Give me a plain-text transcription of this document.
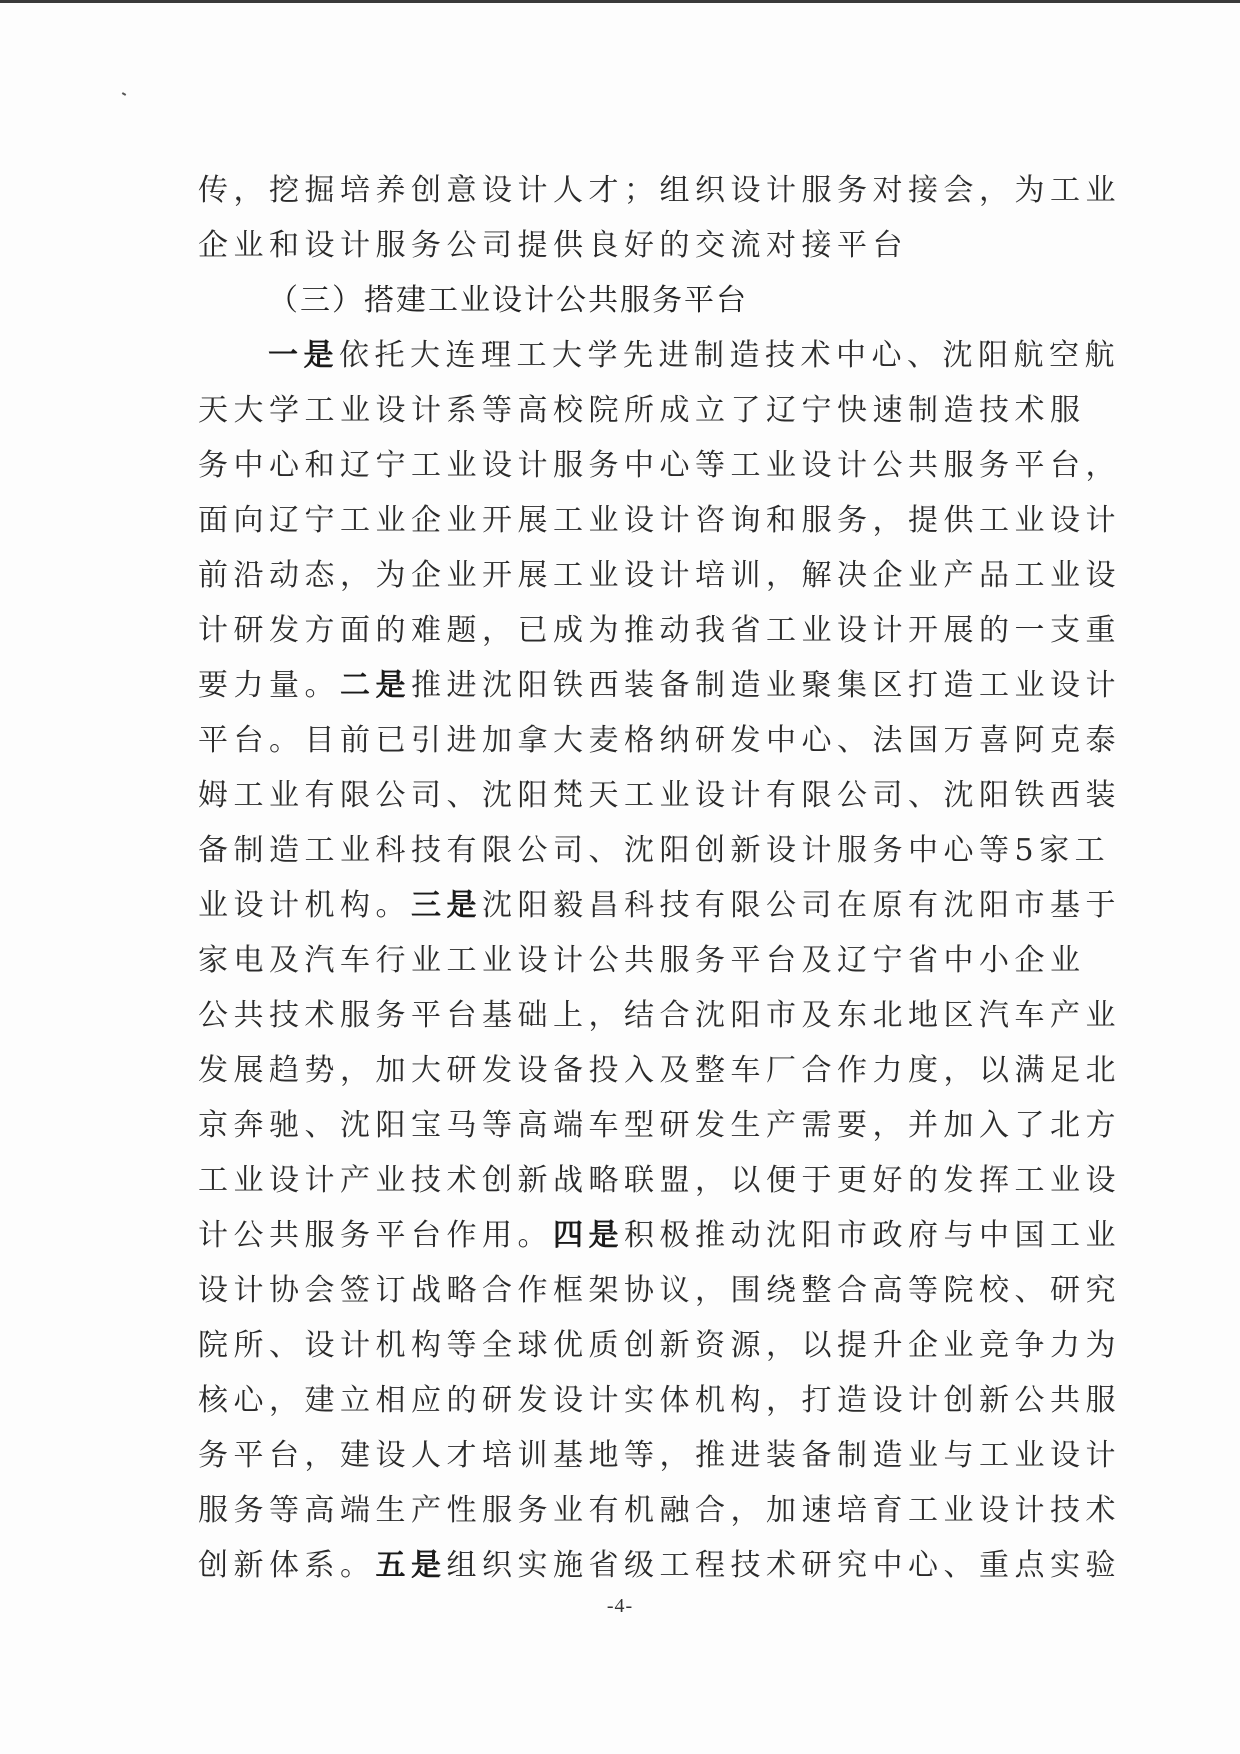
传，挖掘培养创意设计人才；组织设计服务对接会，为工业
企业和设计服务公司提供良好的交流对接平台
（三）搭建工业设计公共服务平台
一是依托大连理工大学先进制造技术中心、沈阳航空航
天大学工业设计系等高校院所成立了辽宁快速制造技术服
务中心和辽宁工业设计服务中心等工业设计公共服务平台，
面向辽宁工业企业开展工业设计咨询和服务，提供工业设计
前沿动态，为企业开展工业设计培训，解决企业产品工业设
计研发方面的难题，已成为推动我省工业设计开展的一支重
要力量。二是推进沈阳铁西装备制造业聚集区打造工业设计
平台。目前已引进加拿大麦格纳研发中心、法国万喜阿克泰
姆工业有限公司、沈阳梵天工业设计有限公司、沈阳铁西装
备制造工业科技有限公司、沈阳创新设计服务中心等5家工
业设计机构。三是沈阳毅昌科技有限公司在原有沈阳市基于
家电及汽车行业工业设计公共服务平台及辽宁省中小企业
公共技术服务平台基础上，结合沈阳市及东北地区汽车产业
发展趋势，加大研发设备投入及整车厂合作力度，以满足北
京奔驰、沈阳宝马等高端车型研发生产需要，并加入了北方
工业设计产业技术创新战略联盟，以便于更好的发挥工业设
计公共服务平台作用。四是积极推动沈阳市政府与中国工业
设计协会签订战略合作框架协议，围绕整合高等院校、研究
院所、设计机构等全球优质创新资源，以提升企业竞争力为
核心，建立相应的研发设计实体机构，打造设计创新公共服
务平台，建设人才培训基地等，推进装备制造业与工业设计
服务等高端生产性服务业有机融合，加速培育工业设计技术
创新体系。五是组织实施省级工程技术研究中心、重点实验
-4-
